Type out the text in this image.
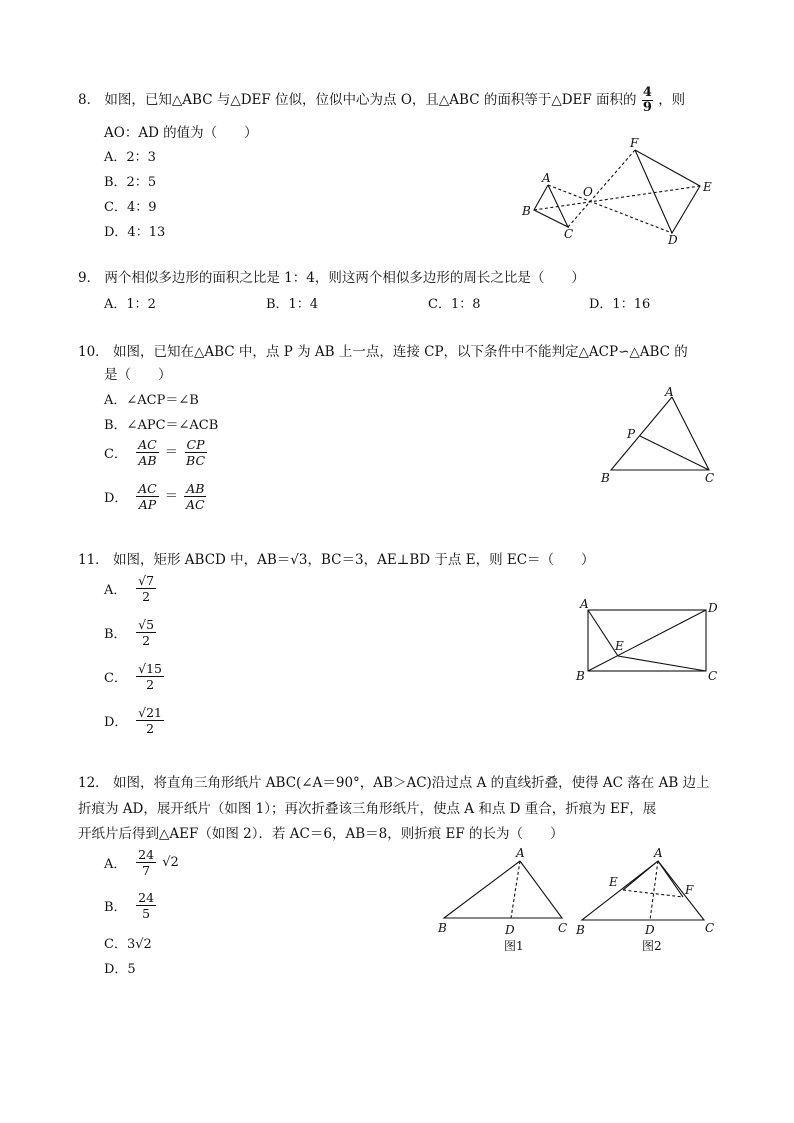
8． 如图，已知△ABC 与△DEF 位似，位似中心为点 O，且△ABC 的面积等于△DEF 面积的 $\frac{4}{9}$ ，则
AO：AD 的值为（　　）
A．2：3
B．2：5
C．4：9
D．4：13
A
B
C
O
F
E
D
9． 两个相似多边形的面积之比是 1：4，则这两个相似多边形的周长之比是（　　）
A．1：2	B．1：4	C．1：8	D．1：16
10． 如图，已知在△ABC 中，点 P 为 AB 上一点，连接 CP，以下条件中不能判定△ACP∽△ABC 的
是（　　）
A．∠ACP＝∠B
B．∠APC＝∠ACB
C． $\frac{AC}{AB} = \frac{CP}{BC}$
D． $\frac{AC}{AP} = \frac{AB}{AC}$
A
P
B	C
11． 如图，矩形 ABCD 中，AB＝√3，BC＝3，AE⊥BD 于点 E，则 EC＝（　　）
A． $\frac{√7}{2}$
B． $\frac{√5}{2}$
C． $\frac{√15}{2}$
D． $\frac{√21}{2}$
A	D
E
B	C
12． 如图，将直角三角形纸片 ABC(∠A＝90°，AB＞AC)沿过点 A 的直线折叠，使得 AC 落在 AB 边上
折痕为 AD，展开纸片（如图 1）；再次折叠该三角形纸片，使点 A 和点 D 重合，折痕为 EF，展
开纸片后得到△AEF（如图 2）．若 AC＝6，AB＝8，则折痕 EF 的长为（　　）
A． $\frac{24}{7} √2$
B． $\frac{24}{5}$
C．3√2
D．5
A
B	D	C
图1
A
E
F
B	D	C
图2
